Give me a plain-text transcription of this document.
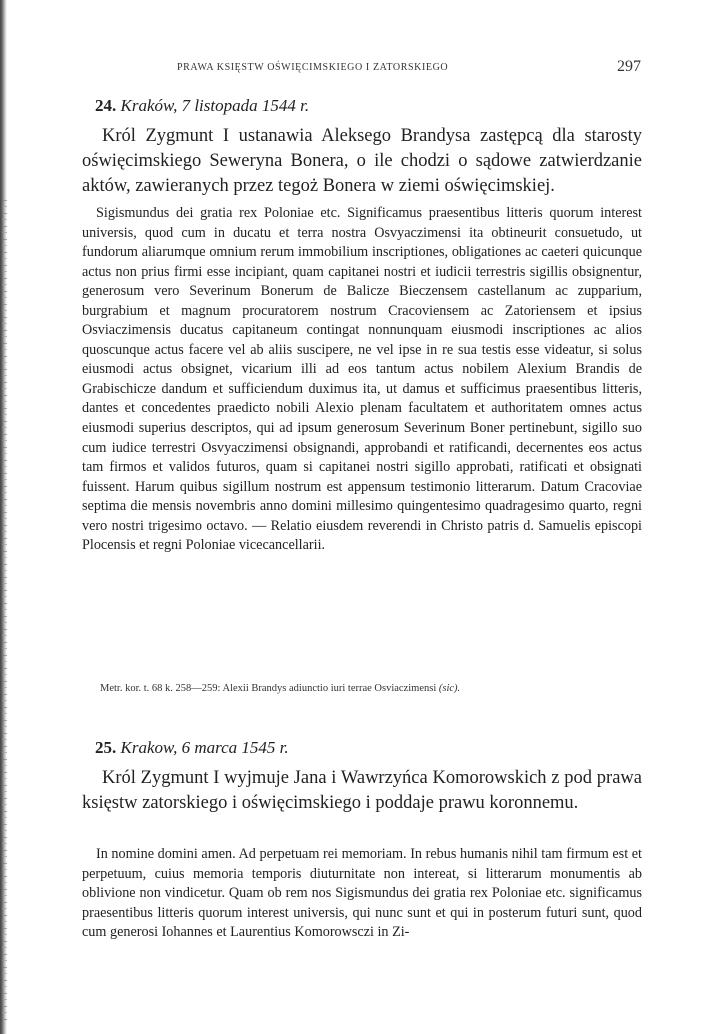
PRAWA KSIĘSTW OŚWIĘCIMSKIEGO I ZATORSKIEGO	297
24. Kraków, 7 listopada 1544 r.

Król Zygmunt I ustanawia Aleksego Brandysa zastępcą dla starosty oświęcimskiego Seweryna Bonera, o ile chodzi o sądowe zatwierdzanie aktów, zawieranych przez tegoż Bonera w ziemi oświęcimskiej.

Sigismundus dei gratia rex Poloniae etc. Significamus praesentibus litteris quorum interest universis, quod cum in ducatu et terra nostra Osvyaczimensi ita obtineurit consuetudo, ut fundorum aliarumque omnium rerum immobilium inscriptiones, obligationes ac caeteri quicunque actus non prius firmi esse incipiant, quam capitanei nostri et iudicii terrestris sigillis obsignentur, generosum vero Severinum Bonerum de Balicze Bieczensem castellanum ac zupparium, burgrabium et magnum procuratorem nostrum Cracoviensem ac Zatoriensem et ipsius Osviaczimensis ducatus capitaneum contingat nonnunquam eiusmodi inscriptiones ac alios quoscunque actus facere vel ab aliis suscipere, ne vel ipse in re sua testis esse videatur, si solus eiusmodi actus obsignet, vicarium illi ad eos tantum actus nobilem Alexium Brandis de Grabischicze dandum et sufficiendum duximus ita, ut damus et sufficimus praesentibus litteris, dantes et concedentes praedicto nobili Alexio plenam facultatem et authoritatem omnes actus eiusmodi superius descriptos, qui ad ipsum generosum Severinum Boner pertinebunt, sigillo suo cum iudice terrestri Osvyaczimensi obsignandi, approbandi et ratificandi, decernentes eos actus tam firmos et validos futuros, quam si capitanei nostri sigillo approbati, ratificati et obsignati fuissent. Harum quibus sigillum nostrum est appensum testimonio litterarum. Datum Cracoviae septima die mensis novembris anno domini millesimo quingentesimo quadragesimo quarto, regni vero nostri trigesimo octavo. — Relatio eiusdem reverendi in Christo patris d. Samuelis episcopi Plocensis et regni Poloniae vicecancellarii.

Metr. kor. t. 68 k. 258—259: Alexii Brandys adiunctio iuri terrae Osviaczimensi (sic).
25. Krakow, 6 marca 1545 r.

Król Zygmunt I wyjmuje Jana i Wawrzyńca Komorowskich z pod prawa księstw zatorskiego i oświęcimskiego i poddaje prawu koronnemu.

In nomine domini amen. Ad perpetuam rei memoriam. In rebus humanis nihil tam firmum est et perpetuum, cuius memoria temporis diuturnitate non intereat, si litterarum monumentis ab oblivione non vindicetur. Quam ob rem nos Sigismundus dei gratia rex Poloniae etc. significamus praesentibus litteris quorum interest universis, qui nunc sunt et qui in posterum futuri sunt, quod cum generosi Iohannes et Laurentius Komorowsczi in Zi-
